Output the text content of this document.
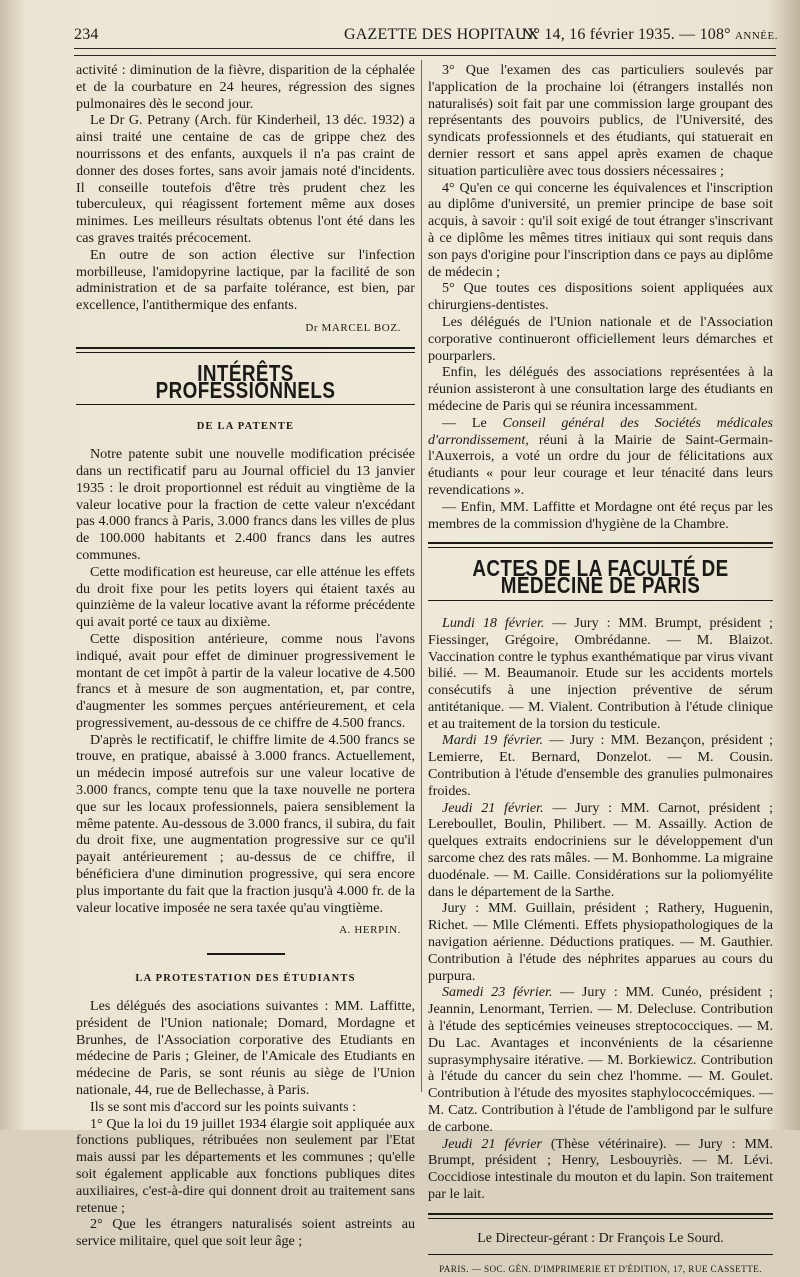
234	GAZETTE DES HOPITAUX
N° 14, 16 février 1935. — 108° ANNÉE.

activité : diminution de la fièvre, disparition de la céphalée et de la courbature en 24 heures, régression des signes pulmonaires dès le second jour.

Le Dr G. Petrany (Arch. für Kinderheil, 13 déc. 1932) a ainsi traité une centaine de cas de grippe chez des nourrissons et des enfants, auxquels il n'a pas craint de donner des doses fortes, sans avoir jamais noté d'incidents. Il conseille toutefois d'être très prudent chez les tuberculeux, qui réagissent fortement même aux doses minimes. Les meilleurs résultats obtenus l'ont été dans les cas graves traités précocement.

En outre de son action élective sur l'infection morbilleuse, l'amidopyrine lactique, par la facilité de son administration et de sa parfaite tolérance, est bien, par excellence, l'antithermique des enfants.

Dr MARCEL BOZ.
INTÉRÊTS PROFESSIONNELS
DE LA PATENTE

Notre patente subit une nouvelle modification précisée dans un rectificatif paru au Journal officiel du 13 janvier 1935 : le droit proportionnel est réduit au vingtième de la valeur locative pour la fraction de cette valeur n'excédant pas 4.000 francs à Paris, 3.000 francs dans les villes de plus de 100.000 habitants et 2.400 francs dans les autres communes.

Cette modification est heureuse, car elle atténue les effets du droit fixe pour les petits loyers qui étaient taxés au quinzième de la valeur locative avant la réforme précédente qui avait porté ce taux au dixième.

Cette disposition antérieure, comme nous l'avons indiqué, avait pour effet de diminuer progressivement le montant de cet impôt à partir de la valeur locative de 4.500 francs et à mesure de son augmentation, et, par contre, d'augmenter les sommes perçues antérieurement, et cela progressivement, au-dessous de ce chiffre de 4.500 francs.

D'après le rectificatif, le chiffre limite de 4.500 francs se trouve, en pratique, abaissé à 3.000 francs. Actuellement, un médecin imposé autrefois sur une valeur locative de 3.000 francs, compte tenu que la taxe nouvelle ne portera que sur les locaux professionnels, paiera sensiblement la même patente. Au-dessous de 3.000 francs, il subira, du fait du droit fixe, une augmentation progressive sur ce qu'il payait antérieurement ; au-dessus de ce chiffre, il bénéficiera d'une diminution progressive, qui sera encore plus importante du fait que la fraction jusqu'à 4.000 fr. de la valeur locative imposée ne sera taxée qu'au vingtième.

A. HERPIN.
LA PROTESTATION DES ÉTUDIANTS

Les délégués des asociations suivantes : MM. Laffitte, président de l'Union nationale; Domard, Mordagne et Brunhes, de l'Association corporative des Etudiants en médecine de Paris ; Gleiner, de l'Amicale des Etudiants en médecine de Paris, se sont réunis au siège de l'Union nationale, 44, rue de Bellechasse, à Paris.

Ils se sont mis d'accord sur les points suivants :

1° Que la loi du 19 juillet 1934 élargie soit appliquée aux fonctions publiques, rétribuées non seulement par l'Etat mais aussi par les départements et les communes ; qu'elle soit également applicable aux fonctions publiques dites auxiliaires, c'est-à-dire qui donnent droit au traitement sans retenue ;

2° Que les étrangers naturalisés soient astreints au service militaire, quel que soit leur âge ;

3° Que l'examen des cas particuliers soulevés par l'application de la prochaine loi (étrangers installés non naturalisés) soit fait par une commission large groupant des représentants des pouvoirs publics, de l'Université, des syndicats professionnels et des étudiants, qui statuerait en dernier ressort et sans appel après examen de chaque situation particulière avec tous dossiers nécessaires ;

4° Qu'en ce qui concerne les équivalences et l'inscription au diplôme d'université, un premier principe de base soit acquis, à savoir : qu'il soit exigé de tout étranger s'inscrivant à ce diplôme les mêmes titres initiaux qui sont requis dans son pays d'origine pour l'inscription dans ce pays au diplôme de médecin ;

5° Que toutes ces dispositions soient appliquées aux chirurgiens-dentistes.

Les délégués de l'Union nationale et de l'Association corporative continueront officiellement leurs démarches et pourparlers.

Enfin, les délégués des associations représentées à la réunion assisteront à une consultation large des étudiants en médecine de Paris qui se réunira incessamment.

— Le Conseil général des Sociétés médicales d'arrondissement, réuni à la Mairie de Saint-Germain-l'Auxerrois, a voté un ordre du jour de félicitations aux étudiants « pour leur courage et leur ténacité dans leurs revendications ».

— Enfin, MM. Laffitte et Mordagne ont été reçus par les membres de la commission d'hygiène de la Chambre.

ACTES DE LA FACULTÉ DE MÉDECINE DE PARIS

Lundi 18 février. — Jury : MM. Brumpt, président ; Fiessinger, Grégoire, Ombrédanne. — M. Blaizot. Vaccination contre le typhus exanthématique par virus vivant bilié. — M. Beaumanoir. Etude sur les accidents mortels consécutifs à une injection préventive de sérum antitétanique. — M. Vialent. Contribution à l'étude clinique et au traitement de la torsion du testicule.

Mardi 19 février. — Jury : MM. Bezançon, président ; Lemierre, Et. Bernard, Donzelot. — M. Cousin. Contribution à l'étude d'ensemble des granulies pulmonaires froides.

Jeudi 21 février. — Jury : MM. Carnot, président ; Lereboullet, Boulin, Philibert. — M. Assailly. Action de quelques extraits endocriniens sur le développement d'un sarcome chez des rats mâles. — M. Bonhomme. La migraine duodénale. — M. Caille. Considérations sur la poliomyélite dans le département de la Sarthe.

Jury : MM. Guillain, président ; Rathery, Huguenin, Richet. — Mlle Clémenti. Effets physiopathologiques de la navigation aérienne. Déductions pratiques. — M. Gauthier. Contribution à l'étude des néphrites apparues au cours du purpura.

Samedi 23 février. — Jury : MM. Cunéo, président ; Jeannin, Lenormant, Terrien. — M. Delecluse. Contribution à l'étude des septicémies veineuses streptococciques. — M. Du Lac. Avantages et inconvénients de la césarienne suprasymphysaire itérative. — M. Borkiewicz. Contribution à l'étude du cancer du sein chez l'homme. — M. Goulet. Contribution à l'étude des myosites staphylococcémiques. — M. Catz. Contribution à l'étude de l'ambligond par le sulfure de carbone.

Jeudi 21 février (Thèse vétérinaire). — Jury : MM. Brumpt, président ; Henry, Lesbouyriès. — M. Lévi. Coccidiose intestinale du mouton et du lapin. Son traitement par le lait.

Le Directeur-gérant : Dr François Le Sourd.
PARIS. — SOC. GÉN. D'IMPRIMERIE ET D'ÉDITION, 17, RUE CASSETTE.
